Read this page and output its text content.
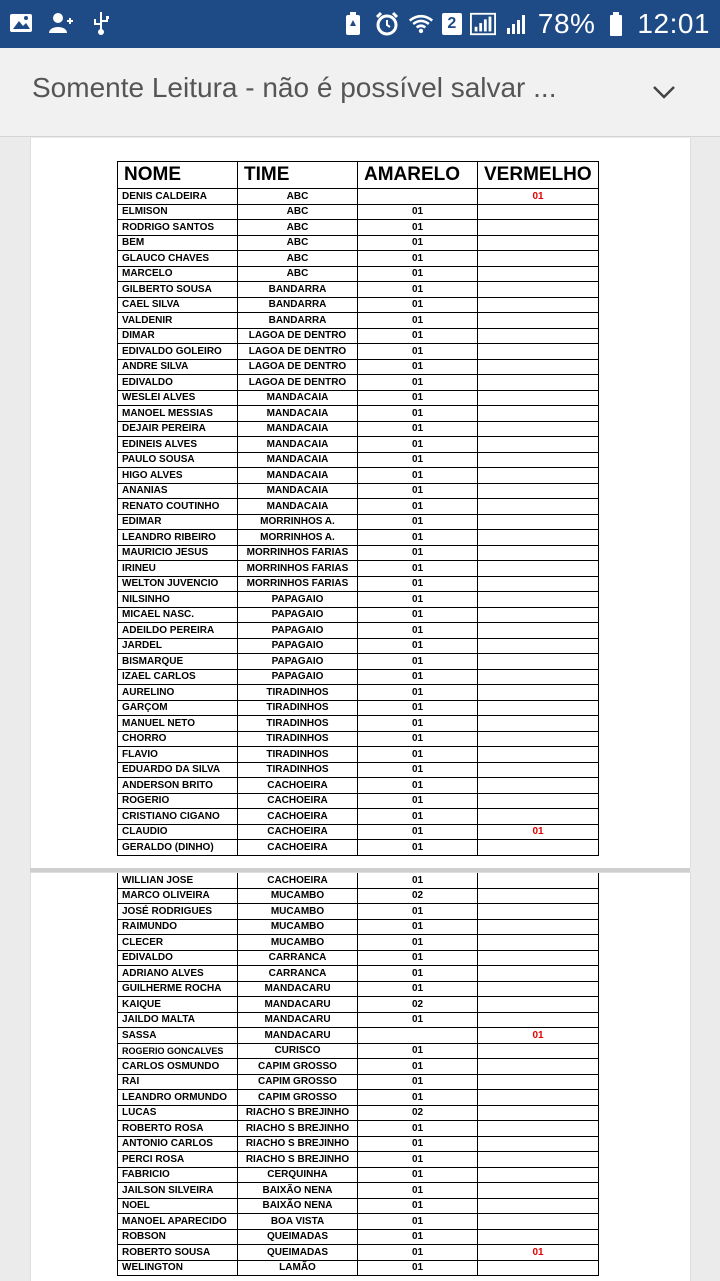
2	78% 12:01
Somente Leitura - não é possível salvar ...
NOME	TIME	AMARELO	VERMELHO
DENIS CALDEIRA	ABC		01
ELMISON	ABC	01	
RODRIGO SANTOS	ABC	01	
BEM	ABC	01	
GLAUCO CHAVES	ABC	01	
MARCELO	ABC	01	
GILBERTO SOUSA	BANDARRA	01	
CAEL SILVA	BANDARRA	01	
VALDENIR	BANDARRA	01	
DIMAR	LAGOA DE DENTRO	01	
EDIVALDO GOLEIRO	LAGOA DE DENTRO	01	
ANDRE SILVA	LAGOA DE DENTRO	01	
EDIVALDO	LAGOA DE DENTRO	01	
WESLEI ALVES	MANDACAIA	01	
MANOEL MESSIAS	MANDACAIA	01	
DEJAIR PEREIRA	MANDACAIA	01	
EDINEIS ALVES	MANDACAIA	01	
PAULO SOUSA	MANDACAIA	01	
HIGO ALVES	MANDACAIA	01	
ANANIAS	MANDACAIA	01	
RENATO COUTINHO	MANDACAIA	01	
EDIMAR	MORRINHOS A.	01	
LEANDRO RIBEIRO	MORRINHOS A.	01	
MAURICIO JESUS	MORRINHOS FARIAS	01	
IRINEU	MORRINHOS FARIAS	01	
WELTON JUVENCIO	MORRINHOS FARIAS	01	
NILSINHO	PAPAGAIO	01	
MICAEL NASC.	PAPAGAIO	01	
ADEILDO PEREIRA	PAPAGAIO	01	
JARDEL	PAPAGAIO	01	
BISMARQUE	PAPAGAIO	01	
IZAEL CARLOS	PAPAGAIO	01	
AURELINO	TIRADINHOS	01	
GARÇOM	TIRADINHOS	01	
MANUEL NETO	TIRADINHOS	01	
CHORRO	TIRADINHOS	01	
FLAVIO	TIRADINHOS	01	
EDUARDO DA SILVA	TIRADINHOS	01	
ANDERSON BRITO	CACHOEIRA	01	
ROGERIO	CACHOEIRA	01	
CRISTIANO CIGANO	CACHOEIRA	01	
CLAUDIO	CACHOEIRA	01	01
GERALDO (DINHO)	CACHOEIRA	01	
WILLIAN JOSE	CACHOEIRA	01	
MARCO OLIVEIRA	MUCAMBO	02	
JOSÉ RODRIGUES	MUCAMBO	01	
RAIMUNDO	MUCAMBO	01	
CLECER	MUCAMBO	01	
EDIVALDO	CARRANCA	01	
ADRIANO ALVES	CARRANCA	01	
GUILHERME ROCHA	MANDACARU	01	
KAIQUE	MANDACARU	02	
JAILDO MALTA	MANDACARU	01	
SASSA	MANDACARU		01
ROGERIO GONCALVES	CURISCO	01	
CARLOS OSMUNDO	CAPIM GROSSO	01	
RAI	CAPIM GROSSO	01	
LEANDRO ORMUNDO	CAPIM GROSSO	01	
LUCAS	RIACHO S BREJINHO	02	
ROBERTO ROSA	RIACHO S BREJINHO	01	
ANTONIO CARLOS	RIACHO S BREJINHO	01	
PERCI ROSA	RIACHO S BREJINHO	01	
FABRICIO	CERQUINHA	01	
JAILSON SILVEIRA	BAIXÃO NENA	01	
NOEL	BAIXÃO NENA	01	
MANOEL APARECIDO	BOA VISTA	01	
ROBSON	QUEIMADAS	01	
ROBERTO SOUSA	QUEIMADAS	01	01
WELINGTON	LAMÃO	01	
